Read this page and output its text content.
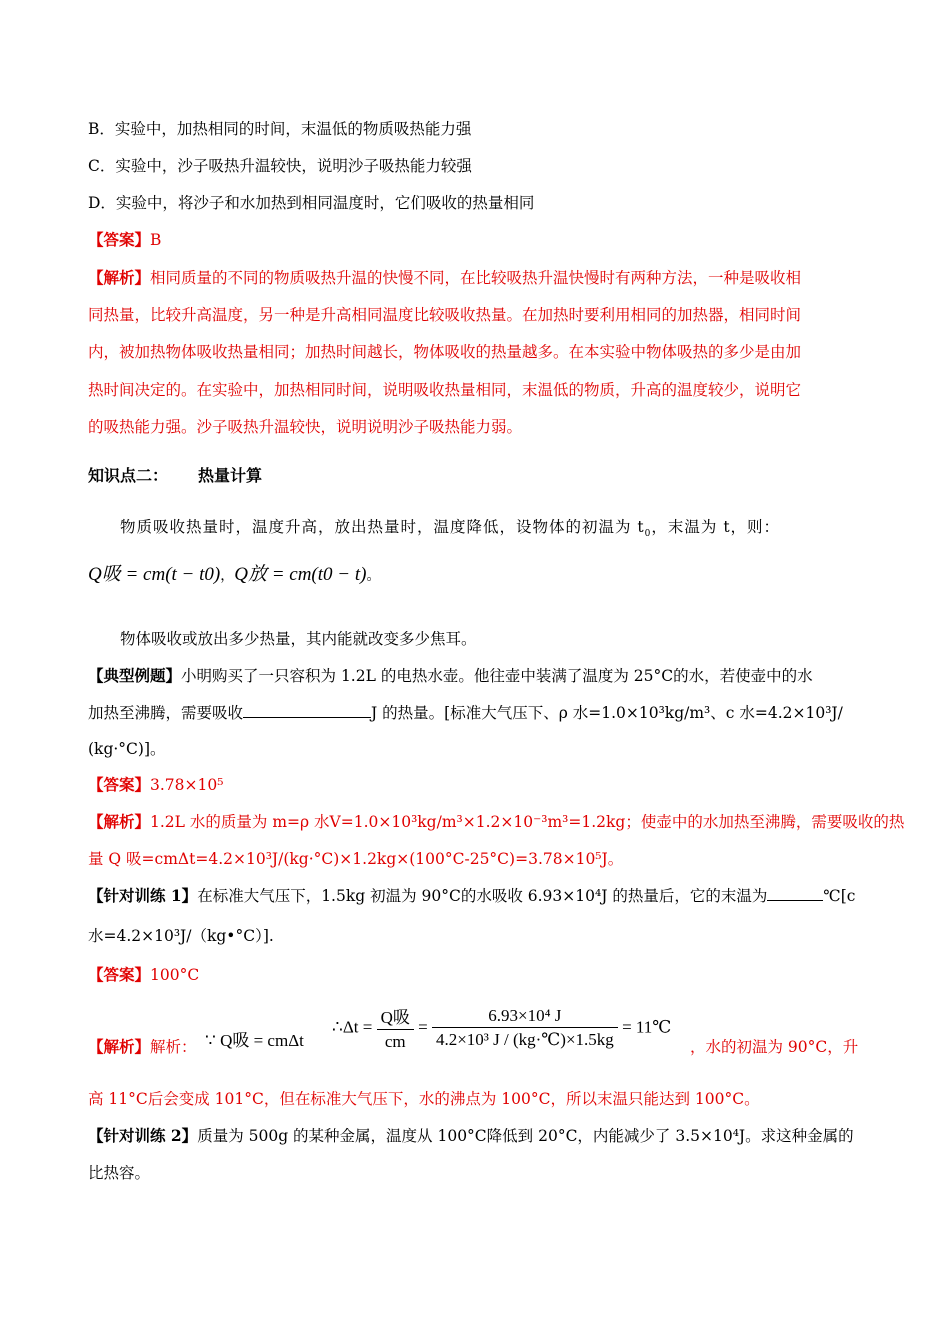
B．实验中，加热相同的时间，末温低的物质吸热能力强
C．实验中，沙子吸热升温较快，说明沙子吸热能力较强
D．实验中，将沙子和水加热到相同温度时，它们吸收的热量相同
【答案】B
【解析】相同质量的不同的物质吸热升温的快慢不同，在比较吸热升温快慢时有两种方法，一种是吸收相
同热量，比较升高温度，另一种是升高相同温度比较吸收热量。在加热时要利用相同的加热器，相同时间
内，被加热物体吸收热量相同；加热时间越长，物体吸收的热量越多。在本实验中物体吸热的多少是由加
热时间决定的。在实验中，加热相同时间，说明吸收热量相同，末温低的物质，升高的温度较少，说明它
的吸热能力强。沙子吸热升温较快，说明说明沙子吸热能力弱。
知识点二： 热量计算
物质吸收热量时，温度升高，放出热量时，温度降低，设物体的初温为 $t_0$，末温为 t，则：
Q吸 = cm(t − t0)，Q放 = cm(t0 − t)。
物体吸收或放出多少热量，其内能就改变多少焦耳。
【典型例题】小明购买了一只容积为 1.2L 的电热水壶。他往壶中装满了温度为 25°C的水，若使壶中的水
加热至沸腾，需要吸收	J 的热量。[标准大气压下、ρ 水=1.0×10³kg/m³、c 水=4.2×10³J/
(kg·°C)]。
【答案】3.78×10⁵
【解析】1.2L 水的质量为 m=ρ 水V=1.0×10³kg/m³×1.2×10⁻³m³=1.2kg；使壶中的水加热至沸腾，需要吸收的热
量 Q 吸=cmΔt=4.2×10³J/(kg·°C)×1.2kg×(100°C-25°C)=3.78×10⁵J。
【针对训练 1】在标准大气压下，1.5kg 初温为 90°C的水吸收 6.93×10⁴J 的热量后，它的末温为	℃[c
水=4.2×10³J/（kg•°C）].
【答案】100°C
【解析】解析： ∵ Q吸 = cmΔt
∴Δt = $\frac{\text{Q吸}}{cm} = \frac{\text{6.93×10⁴ J}}{\text{4.2×10³ J / (kg·℃)×1.5kg}}$ = 11℃
，水的初温为 90°C，升
高 11°C后会变成 101°C，但在标准大气压下，水的沸点为 100°C，所以末温只能达到 100°C。
【针对训练 2】质量为 500g 的某种金属，温度从 100°C降低到 20°C，内能减少了 3.5×10⁴J。求这种金属的
比热容。
